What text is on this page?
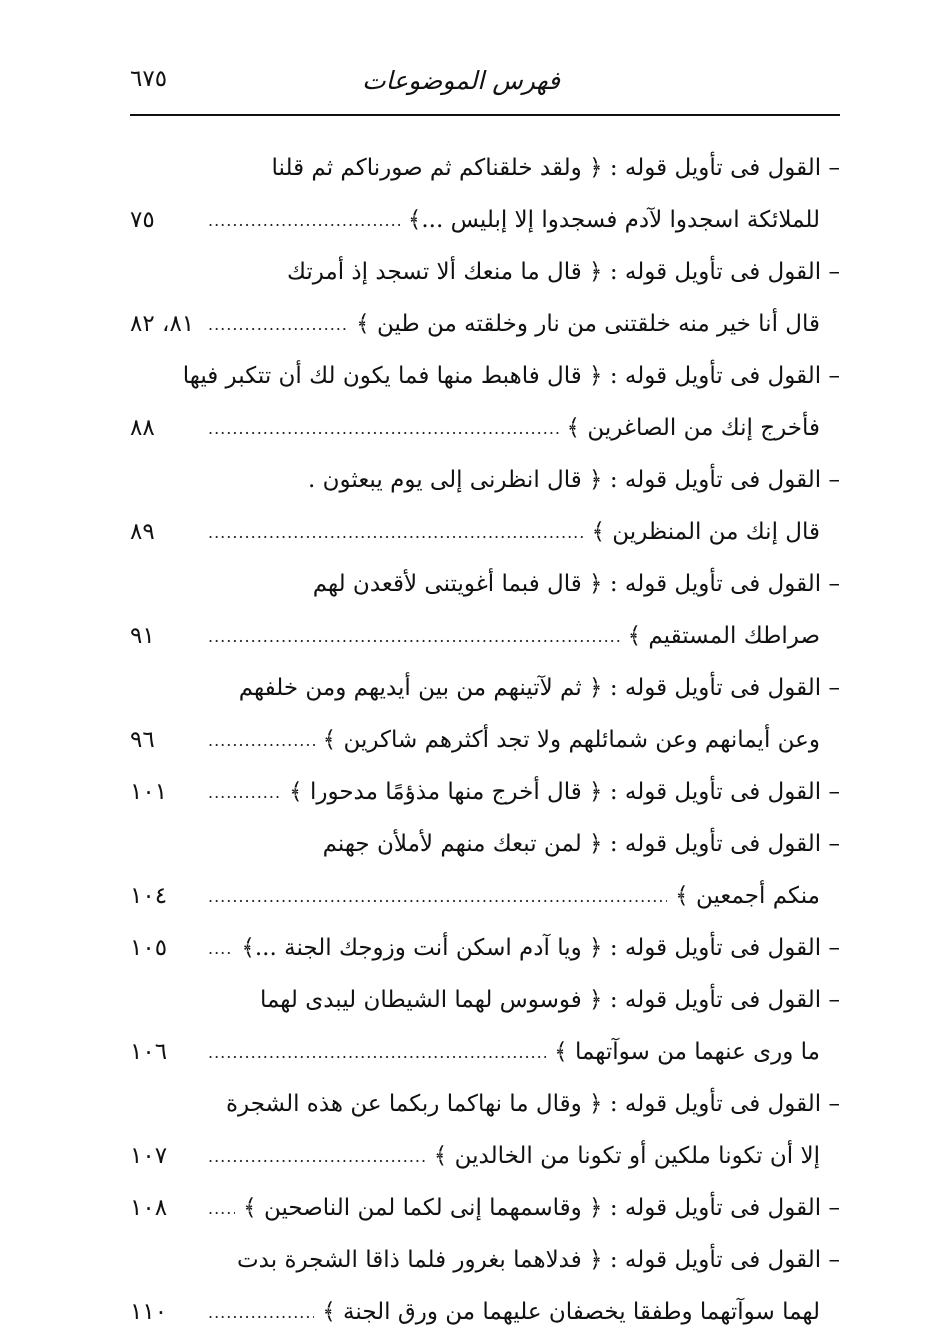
فهرس الموضوعات
٦٧٥
– القول فى تأويل قوله : ﴿ ولقد خلقناكم ثم صورناكم ثم قلنا
للملائكة اسجدوا لآدم فسجدوا إلا إبليس ...﴾
.....
٧٥
– القول فى تأويل قوله : ﴿ قال ما منعك ألا تسجد إذ أمرتك
قال أنا خير منه خلقتنى من نار وخلقته من طين ﴾
.....
٨١، ٨٢
– القول فى تأويل قوله : ﴿ قال فاهبط منها فما يكون لك أن تتكبر فيها
فأخرج إنك من الصاغرين ﴾
.....
٨٨
– القول فى تأويل قوله : ﴿ قال انظرنى إلى يوم يبعثون .
قال إنك من المنظرين ﴾
.....
٨٩
– القول فى تأويل قوله : ﴿ قال فبما أغويتنى لأقعدن لهم
صراطك المستقيم ﴾
.....
٩١
– القول فى تأويل قوله : ﴿ ثم لآتينهم من بين أيديهم ومن خلفهم
وعن أيمانهم وعن شمائلهم ولا تجد أكثرهم شاكرين ﴾
.....
٩٦
– القول فى تأويل قوله : ﴿ قال أخرج منها مذؤمًا مدحورا ﴾
.....
١٠١
– القول فى تأويل قوله : ﴿ لمن تبعك منهم لأملأن جهنم
منكم أجمعين ﴾
.....
١٠٤
– القول فى تأويل قوله : ﴿ ويا آدم اسكن أنت وزوجك الجنة ...﴾
.....
١٠٥
– القول فى تأويل قوله : ﴿ فوسوس لهما الشيطان ليبدى لهما
ما ورى عنهما من سوآتهما ﴾
.....
١٠٦
– القول فى تأويل قوله : ﴿ وقال ما نهاكما ربكما عن هذه الشجرة
إلا أن تكونا ملكين أو تكونا من الخالدين ﴾
.....
١٠٧
– القول فى تأويل قوله : ﴿ وقاسمهما إنى لكما لمن الناصحين ﴾
.....
١٠٨
– القول فى تأويل قوله : ﴿ فدلاهما بغرور فلما ذاقا الشجرة بدت
لهما سوآتهما وطفقا يخصفان عليهما من ورق الجنة ﴾
.....
١١٠
